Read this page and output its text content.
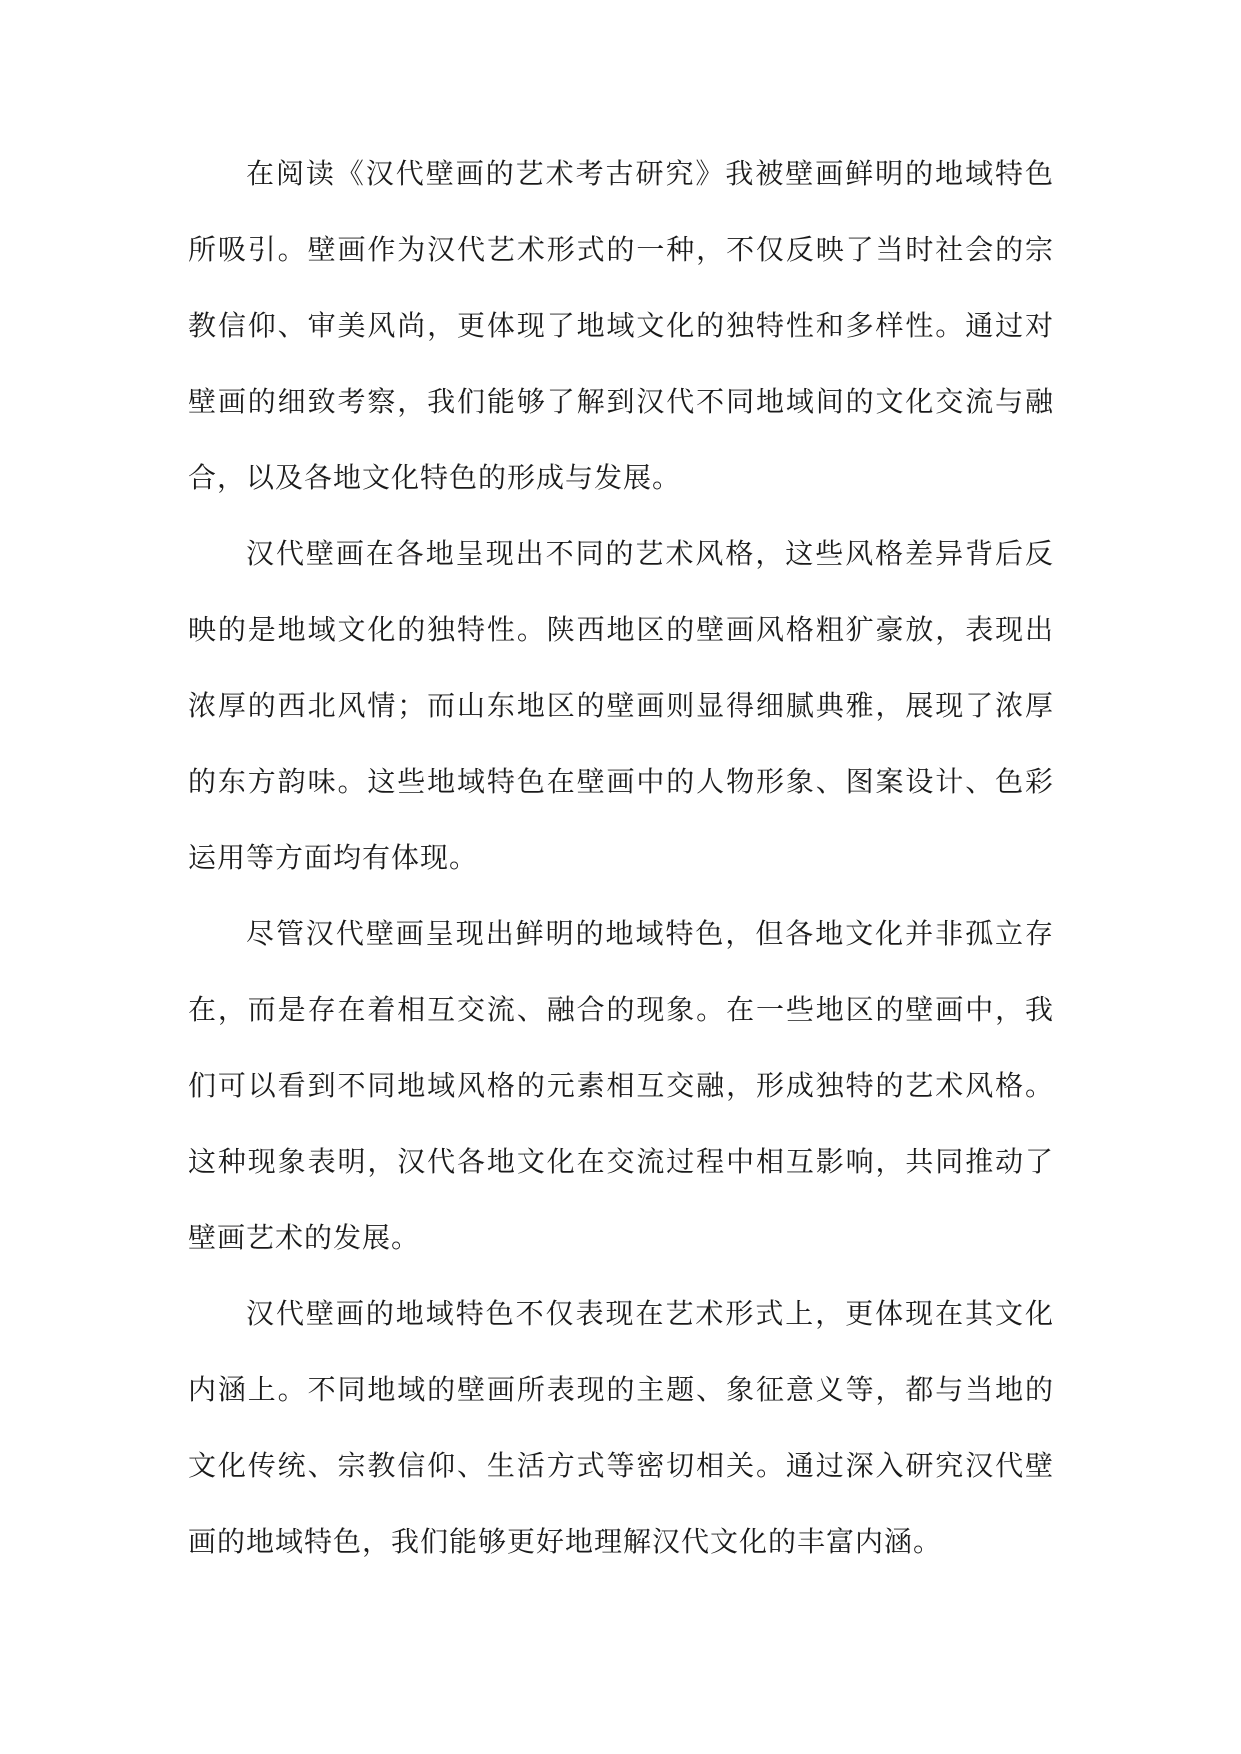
在阅读《汉代壁画的艺术考古研究》我被壁画鲜明的地域特色所吸引。壁画作为汉代艺术形式的一种，不仅反映了当时社会的宗教信仰、审美风尚，更体现了地域文化的独特性和多样性。通过对壁画的细致考察，我们能够了解到汉代不同地域间的文化交流与融合，以及各地文化特色的形成与发展。

汉代壁画在各地呈现出不同的艺术风格，这些风格差异背后反映的是地域文化的独特性。陕西地区的壁画风格粗犷豪放，表现出浓厚的西北风情；而山东地区的壁画则显得细腻典雅，展现了浓厚的东方韵味。这些地域特色在壁画中的人物形象、图案设计、色彩运用等方面均有体现。

尽管汉代壁画呈现出鲜明的地域特色，但各地文化并非孤立存在，而是存在着相互交流、融合的现象。在一些地区的壁画中，我们可以看到不同地域风格的元素相互交融，形成独特的艺术风格。这种现象表明，汉代各地文化在交流过程中相互影响，共同推动了壁画艺术的发展。

汉代壁画的地域特色不仅表现在艺术形式上，更体现在其文化内涵上。不同地域的壁画所表现的主题、象征意义等，都与当地的文化传统、宗教信仰、生活方式等密切相关。通过深入研究汉代壁画的地域特色，我们能够更好地理解汉代文化的丰富内涵。
